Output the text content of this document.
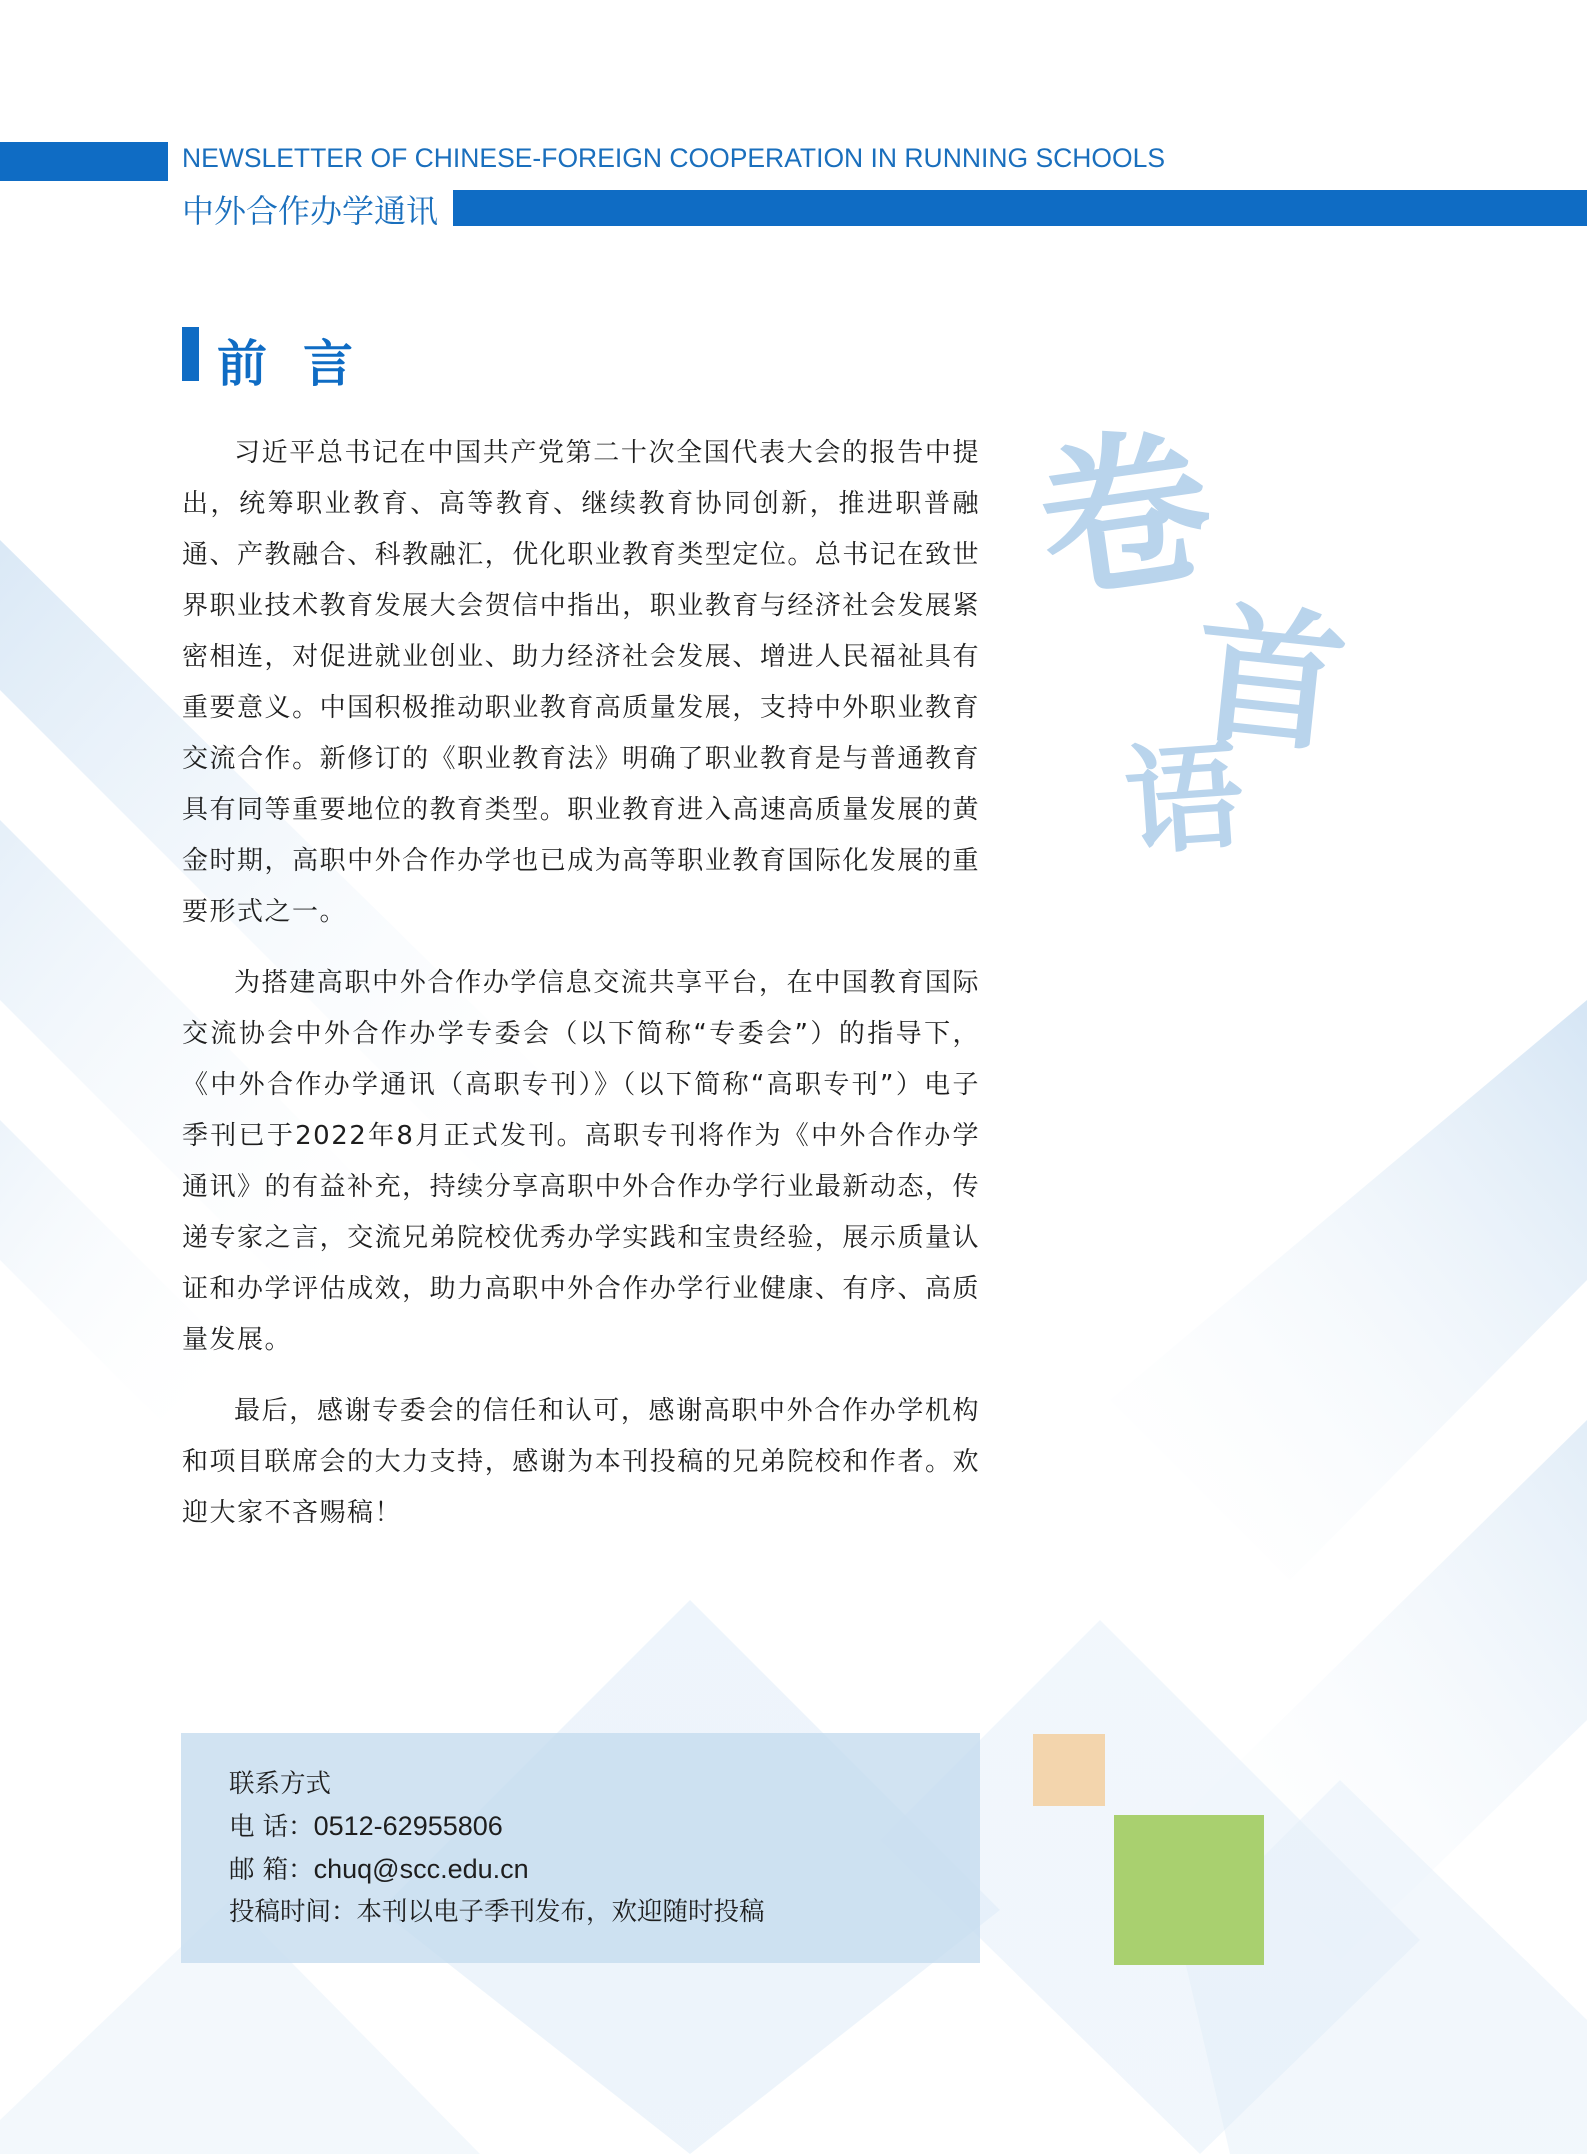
NEWSLETTER OF CHINESE-FOREIGN COOPERATION IN RUNNING SCHOOLS
中外合作办学通讯
前言

习近平总书记在中国共产党第二十次全国代表大会的报告中提出，统筹职业教育、高等教育、继续教育协同创新，推进职普融通、产教融合、科教融汇，优化职业教育类型定位。总书记在致世界职业技术教育发展大会贺信中指出，职业教育与经济社会发展紧密相连，对促进就业创业、助力经济社会发展、增进人民福祉具有重要意义。中国积极推动职业教育高质量发展，支持中外职业教育交流合作。新修订的《职业教育法》明确了职业教育是与普通教育具有同等重要地位的教育类型。职业教育进入高速高质量发展的黄金时期，高职中外合作办学也已成为高等职业教育国际化发展的重要形式之一。

为搭建高职中外合作办学信息交流共享平台，在中国教育国际交流协会中外合作办学专委会（以下简称“专委会”）的指导下，《中外合作办学通讯（高职专刊）》（以下简称“高职专刊”）电子季刊已于2022年8月正式发刊。高职专刊将作为《中外合作办学通讯》的有益补充，持续分享高职中外合作办学行业最新动态，传递专家之言，交流兄弟院校优秀办学实践和宝贵经验，展示质量认证和办学评估成效，助力高职中外合作办学行业健康、有序、高质量发展。

最后，感谢专委会的信任和认可，感谢高职中外合作办学机构和项目联席会的大力支持，感谢为本刊投稿的兄弟院校和作者。欢迎大家不吝赐稿！

卷
首
语
联系方式
电 话：0512-62955806
邮 箱：chuq@scc.edu.cn
投稿时间：本刊以电子季刊发布，欢迎随时投稿
